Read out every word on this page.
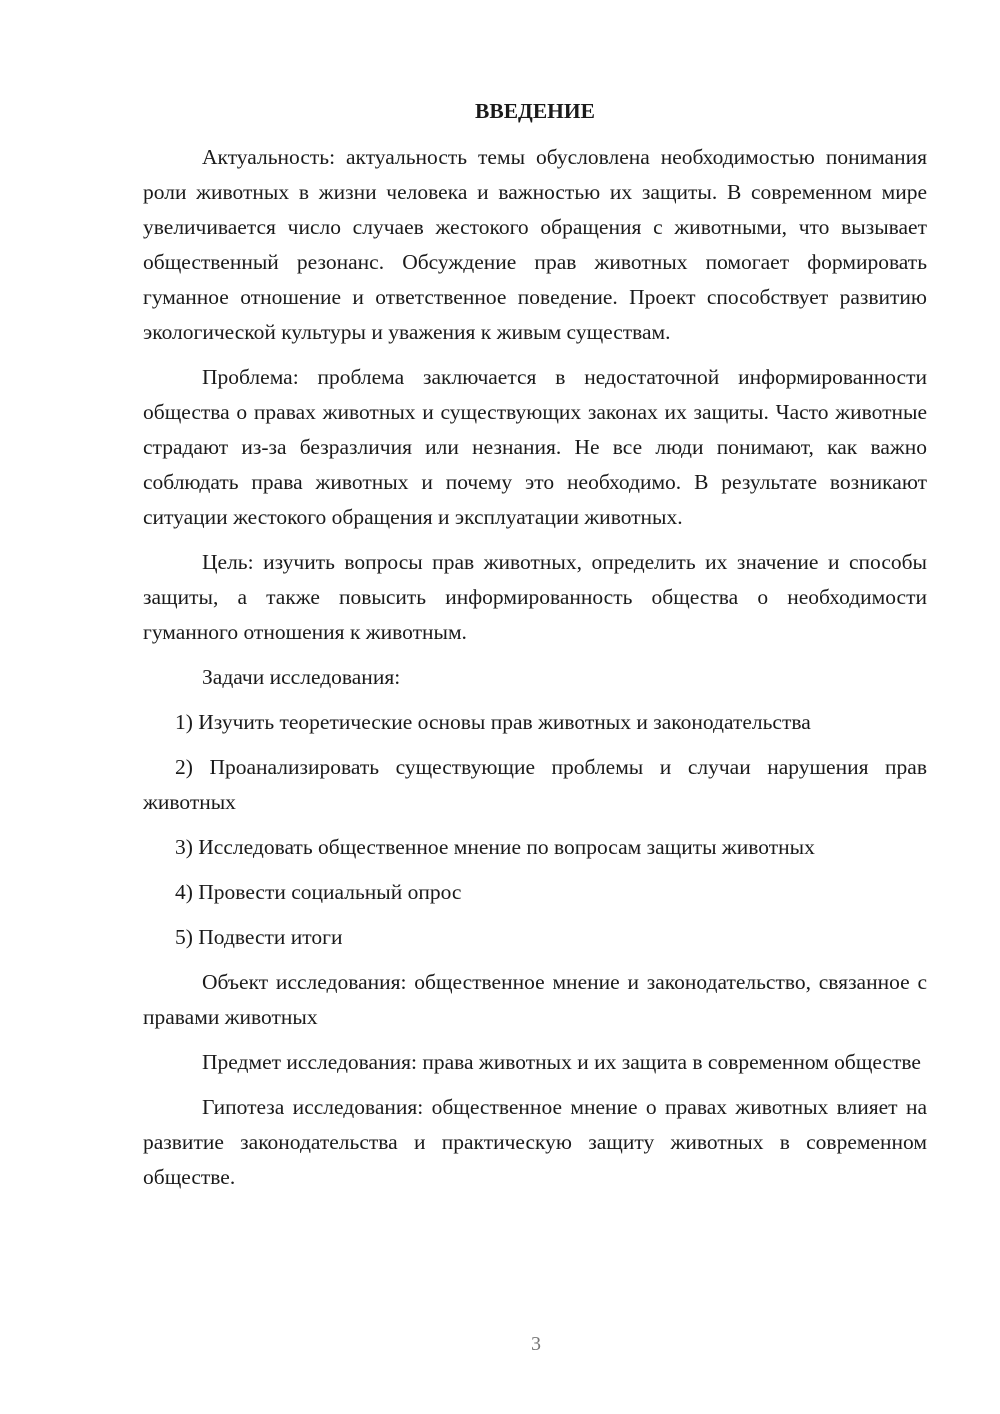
ВВЕДЕНИЕ

Актуальность: актуальность темы обусловлена необходимостью понимания роли животных в жизни человека и важностью их защиты. В современном мире увеличивается число случаев жестокого обращения с животными, что вызывает общественный резонанс. Обсуждение прав животных помогает формировать гуманное отношение и ответственное поведение. Проект способствует развитию экологической культуры и уважения к живым существам.

Проблема: проблема заключается в недостаточной информированности общества о правах животных и существующих законах их защиты. Часто животные страдают из-за безразличия или незнания. Не все люди понимают, как важно соблюдать права животных и почему это необходимо. В результате возникают ситуации жестокого обращения и эксплуатации животных.

Цель: изучить вопросы прав животных, определить их значение и способы защиты, а также повысить информированность общества о необходимости гуманного отношения к животным.

Задачи исследования:

1) Изучить теоретические основы прав животных и законодательства

2) Проанализировать существующие проблемы и случаи нарушения прав животных

3) Исследовать общественное мнение по вопросам защиты животных

4) Провести социальный опрос

5) Подвести итоги

Объект исследования: общественное мнение и законодательство, связанное с правами животных

Предмет исследования: права животных и их защита в современном обществе

Гипотеза исследования: общественное мнение о правах животных влияет на развитие законодательства и практическую защиту животных в современном обществе.

3
